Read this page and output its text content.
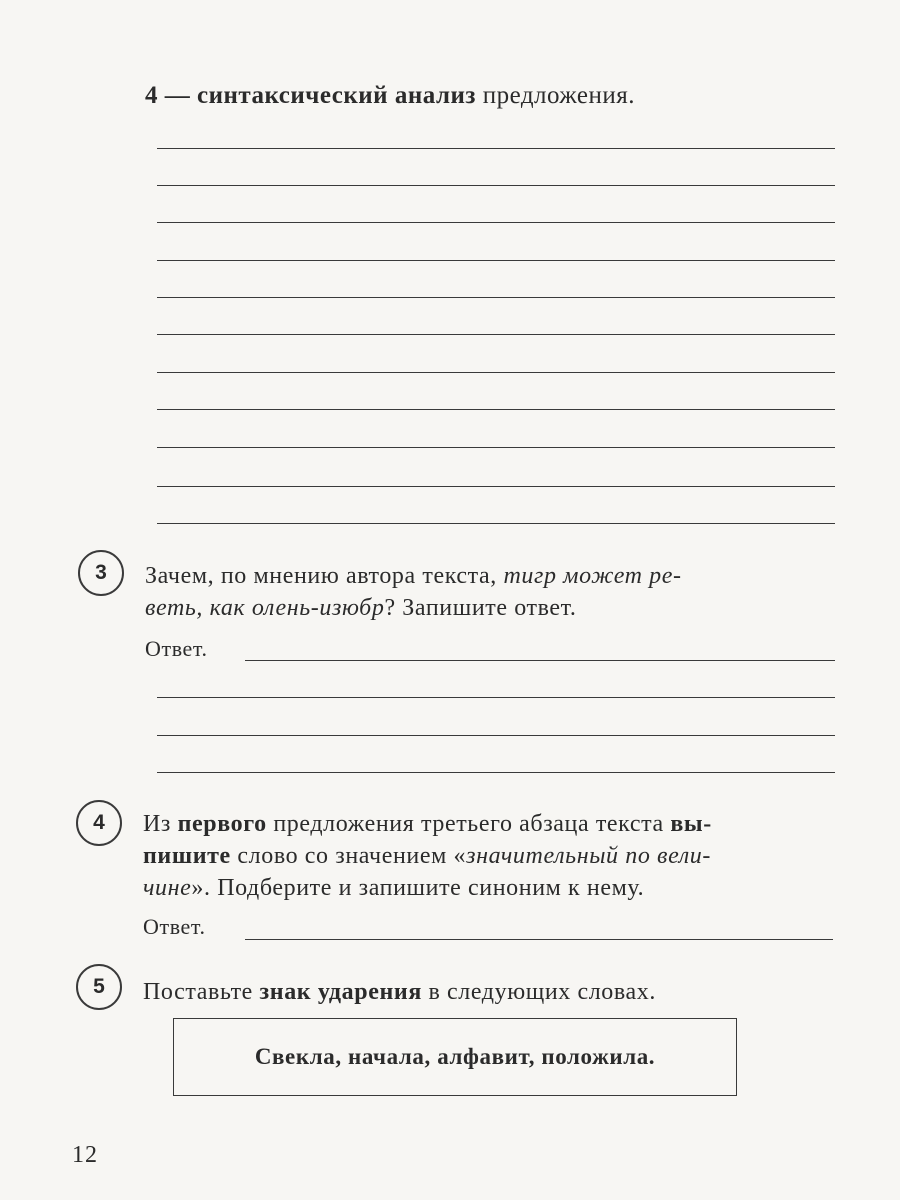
4 — синтаксический анализ предложения.
3	Зачем, по мнению автора текста, тигр может ре-
веть, как олень-изюбр? Запишите ответ.
Ответ.
4	Из первого предложения третьего абзаца текста вы-
пишите слово со значением «значительный по вели-
чине». Подберите и запишите синоним к нему.
Ответ.
5	Поставьте знак ударения в следующих словах.
Свекла, начала, алфавит, положила.
12
